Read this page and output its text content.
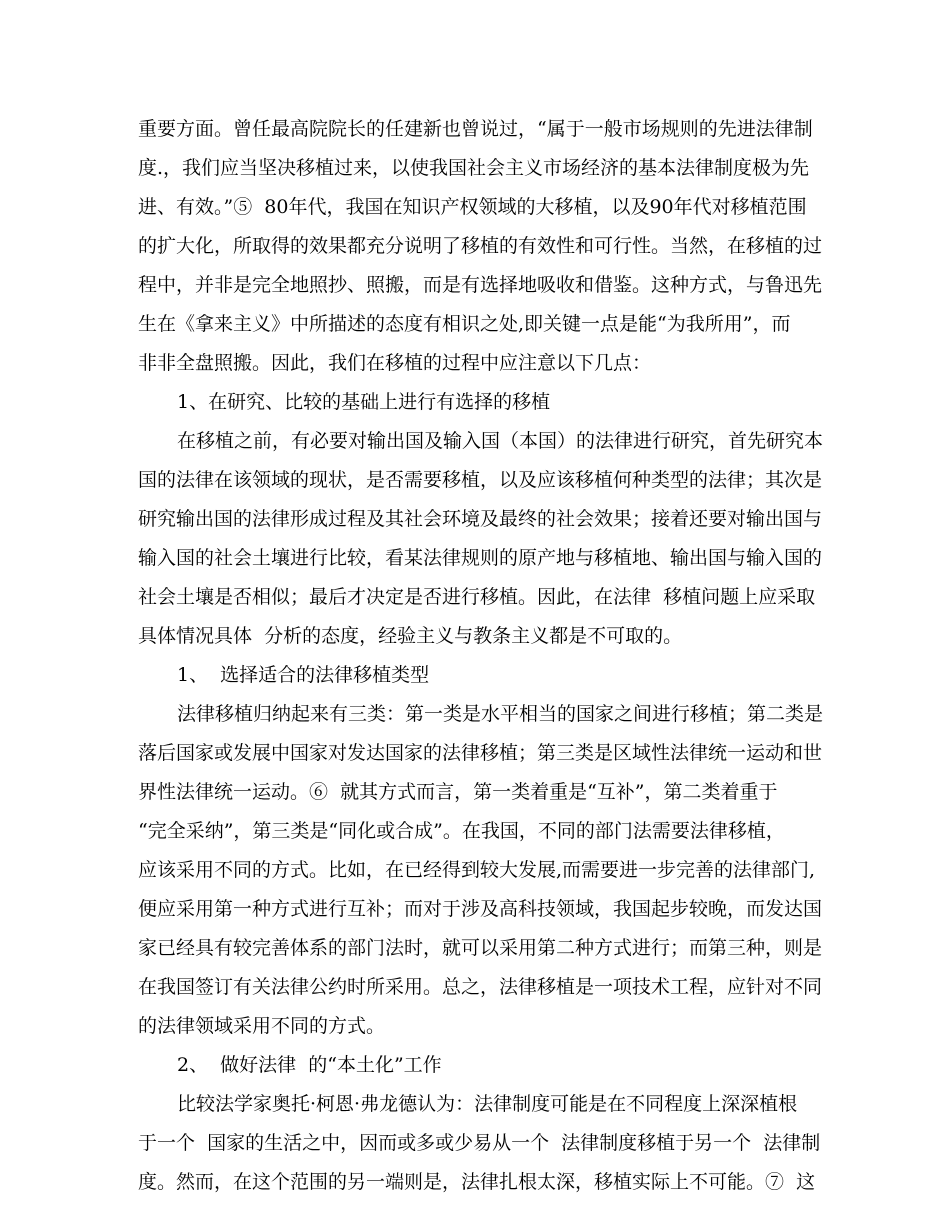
重要方面。曾任最高院院长的任建新也曾说过，“属于一般市场规则的先进法律制
度.，我们应当坚决移植过来，以使我国社会主义市场经济的基本法律制度极为先
进、有效。”⑤  80年代，我国在知识产权领域的大移植，以及90年代对移植范围
的扩大化，所取得的效果都充分说明了移植的有效性和可行性。当然，在移植的过
程中，并非是完全地照抄、照搬，而是有选择地吸收和借鉴。这种方式，与鲁迅先
生在《拿来主义》中所描述的态度有相识之处,即关键一点是能“为我所用”，而
非非全盘照搬。因此，我们在移植的过程中应注意以下几点：
1、在研究、比较的基础上进行有选择的移植
在移植之前，有必要对输出国及输入国（本国）的法律进行研究，首先研究本
国的法律在该领域的现状，是否需要移植，以及应该移植何种类型的法律；其次是
研究输出国的法律形成过程及其社会环境及最终的社会效果；接着还要对输出国与
输入国的社会土壤进行比较，看某法律规则的原产地与移植地、输出国与输入国的
社会土壤是否相似；最后才决定是否进行移植。因此，在法律  移植问题上应采取
具体情况具体  分析的态度，经验主义与教条主义都是不可取的。
1、  选择适合的法律移植类型
法律移植归纳起来有三类：第一类是水平相当的国家之间进行移植；第二类是
落后国家或发展中国家对发达国家的法律移植；第三类是区域性法律统一运动和世
界性法律统一运动。⑥  就其方式而言，第一类着重是“互补”，第二类着重于
“完全采纳”，第三类是“同化或合成”。在我国，不同的部门法需要法律移植，
应该采用不同的方式。比如，在已经得到较大发展,而需要进一步完善的法律部门,
便应采用第一种方式进行互补；而对于涉及高科技领域，我国起步较晚，而发达国
家已经具有较完善体系的部门法时，就可以采用第二种方式进行；而第三种，则是
在我国签订有关法律公约时所采用。总之，法律移植是一项技术工程，应针对不同
的法律领域采用不同的方式。
2、  做好法律  的“本土化”工作
比较法学家奥托·柯恩·弗龙德认为：法律制度可能是在不同程度上深深植根
于一个  国家的生活之中，因而或多或少易从一个  法律制度移植于另一个  法律制
度。然而，在这个范围的另一端则是，法律扎根太深，移植实际上不可能。⑦  这
